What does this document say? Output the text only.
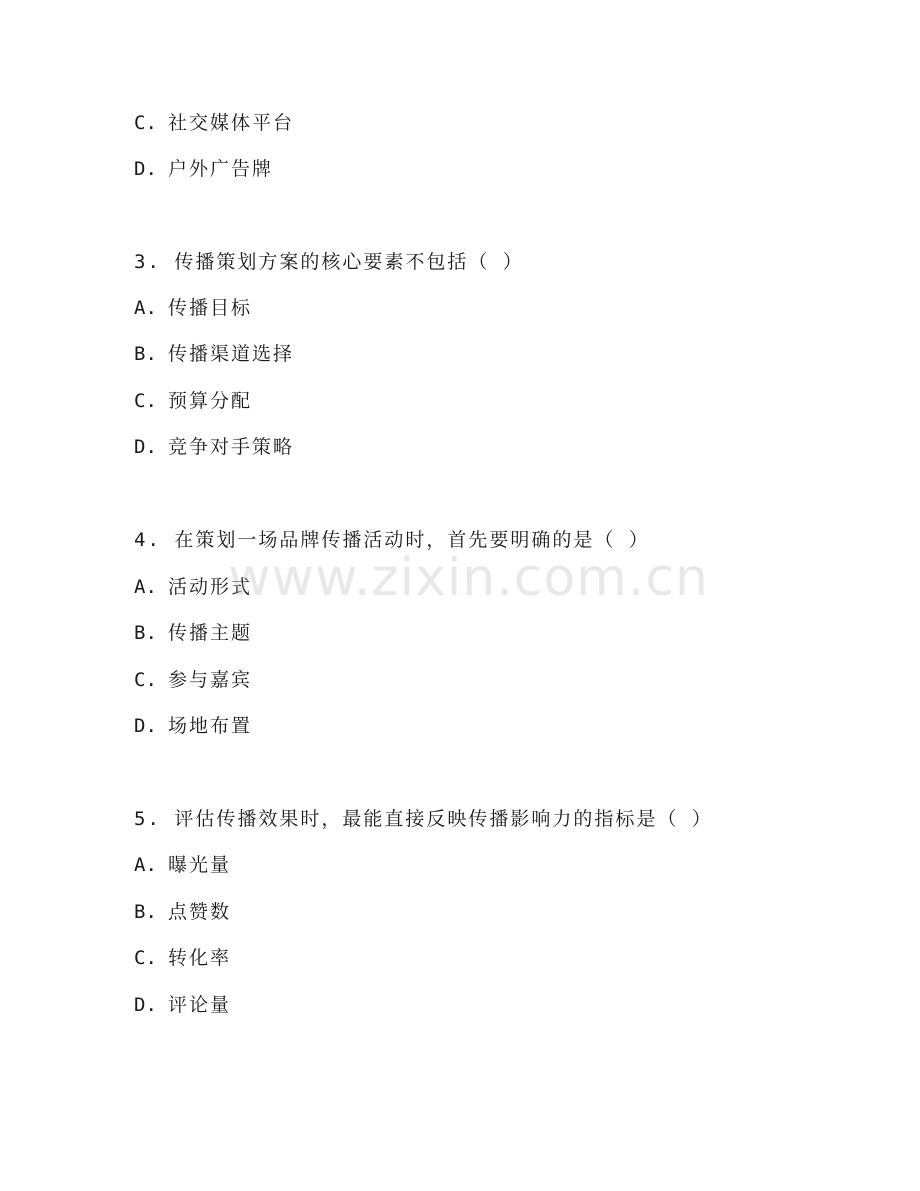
C. 社交媒体平台
D. 户外广告牌
3. 传播策划方案的核心要素不包括（ ）
A. 传播目标
B. 传播渠道选择
C. 预算分配
D. 竞争对手策略
4. 在策划一场品牌传播活动时，首先要明确的是（ ）
A. 活动形式
B. 传播主题
C. 参与嘉宾
D. 场地布置
5. 评估传播效果时，最能直接反映传播影响力的指标是（ ）
A. 曝光量
B. 点赞数
C. 转化率
D. 评论量
www.zixin.com.cn
